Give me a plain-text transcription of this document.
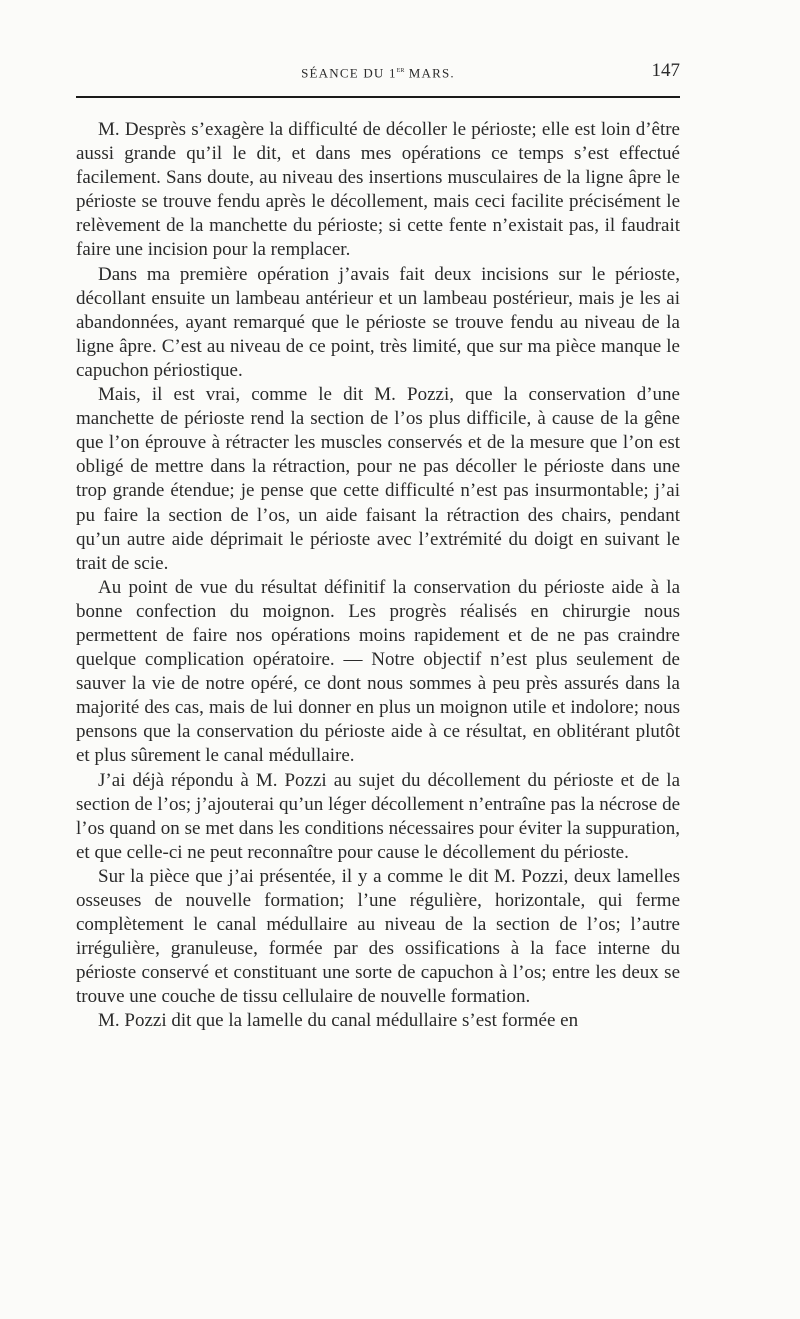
SÉANCE DU 1er MARS.	147

M. Desprès s’exagère la difficulté de décoller le périoste; elle est loin d’être aussi grande qu’il le dit, et dans mes opérations ce temps s’est effectué facilement. Sans doute, au niveau des insertions musculaires de la ligne âpre le périoste se trouve fendu après le décollement, mais ceci facilite précisément le relèvement de la manchette du périoste; si cette fente n’existait pas, il faudrait faire une incision pour la remplacer.

Dans ma première opération j’avais fait deux incisions sur le périoste, décollant ensuite un lambeau antérieur et un lambeau postérieur, mais je les ai abandonnées, ayant remarqué que le périoste se trouve fendu au niveau de la ligne âpre. C’est au niveau de ce point, très limité, que sur ma pièce manque le capuchon périostique.

Mais, il est vrai, comme le dit M. Pozzi, que la conservation d’une manchette de périoste rend la section de l’os plus difficile, à cause de la gêne que l’on éprouve à rétracter les muscles conservés et de la mesure que l’on est obligé de mettre dans la rétraction, pour ne pas décoller le périoste dans une trop grande étendue; je pense que cette difficulté n’est pas insurmontable; j’ai pu faire la section de l’os, un aide faisant la rétraction des chairs, pendant qu’un autre aide déprimait le périoste avec l’extrémité du doigt en suivant le trait de scie.

Au point de vue du résultat définitif la conservation du périoste aide à la bonne confection du moignon. Les progrès réalisés en chirurgie nous permettent de faire nos opérations moins rapidement et de ne pas craindre quelque complication opératoire. — Notre objectif n’est plus seulement de sauver la vie de notre opéré, ce dont nous sommes à peu près assurés dans la majorité des cas, mais de lui donner en plus un moignon utile et indolore; nous pensons que la conservation du périoste aide à ce résultat, en oblitérant plutôt et plus sûrement le canal médullaire.

J’ai déjà répondu à M. Pozzi au sujet du décollement du périoste et de la section de l’os; j’ajouterai qu’un léger décollement n’entraîne pas la nécrose de l’os quand on se met dans les conditions nécessaires pour éviter la suppuration, et que celle-ci ne peut reconnaître pour cause le décollement du périoste.

Sur la pièce que j’ai présentée, il y a comme le dit M. Pozzi, deux lamelles osseuses de nouvelle formation; l’une régulière, horizontale, qui ferme complètement le canal médullaire au niveau de la section de l’os; l’autre irrégulière, granuleuse, formée par des ossifications à la face interne du périoste conservé et constituant une sorte de capuchon à l’os; entre les deux se trouve une couche de tissu cellulaire de nouvelle formation.

M. Pozzi dit que la lamelle du canal médullaire s’est formée en
